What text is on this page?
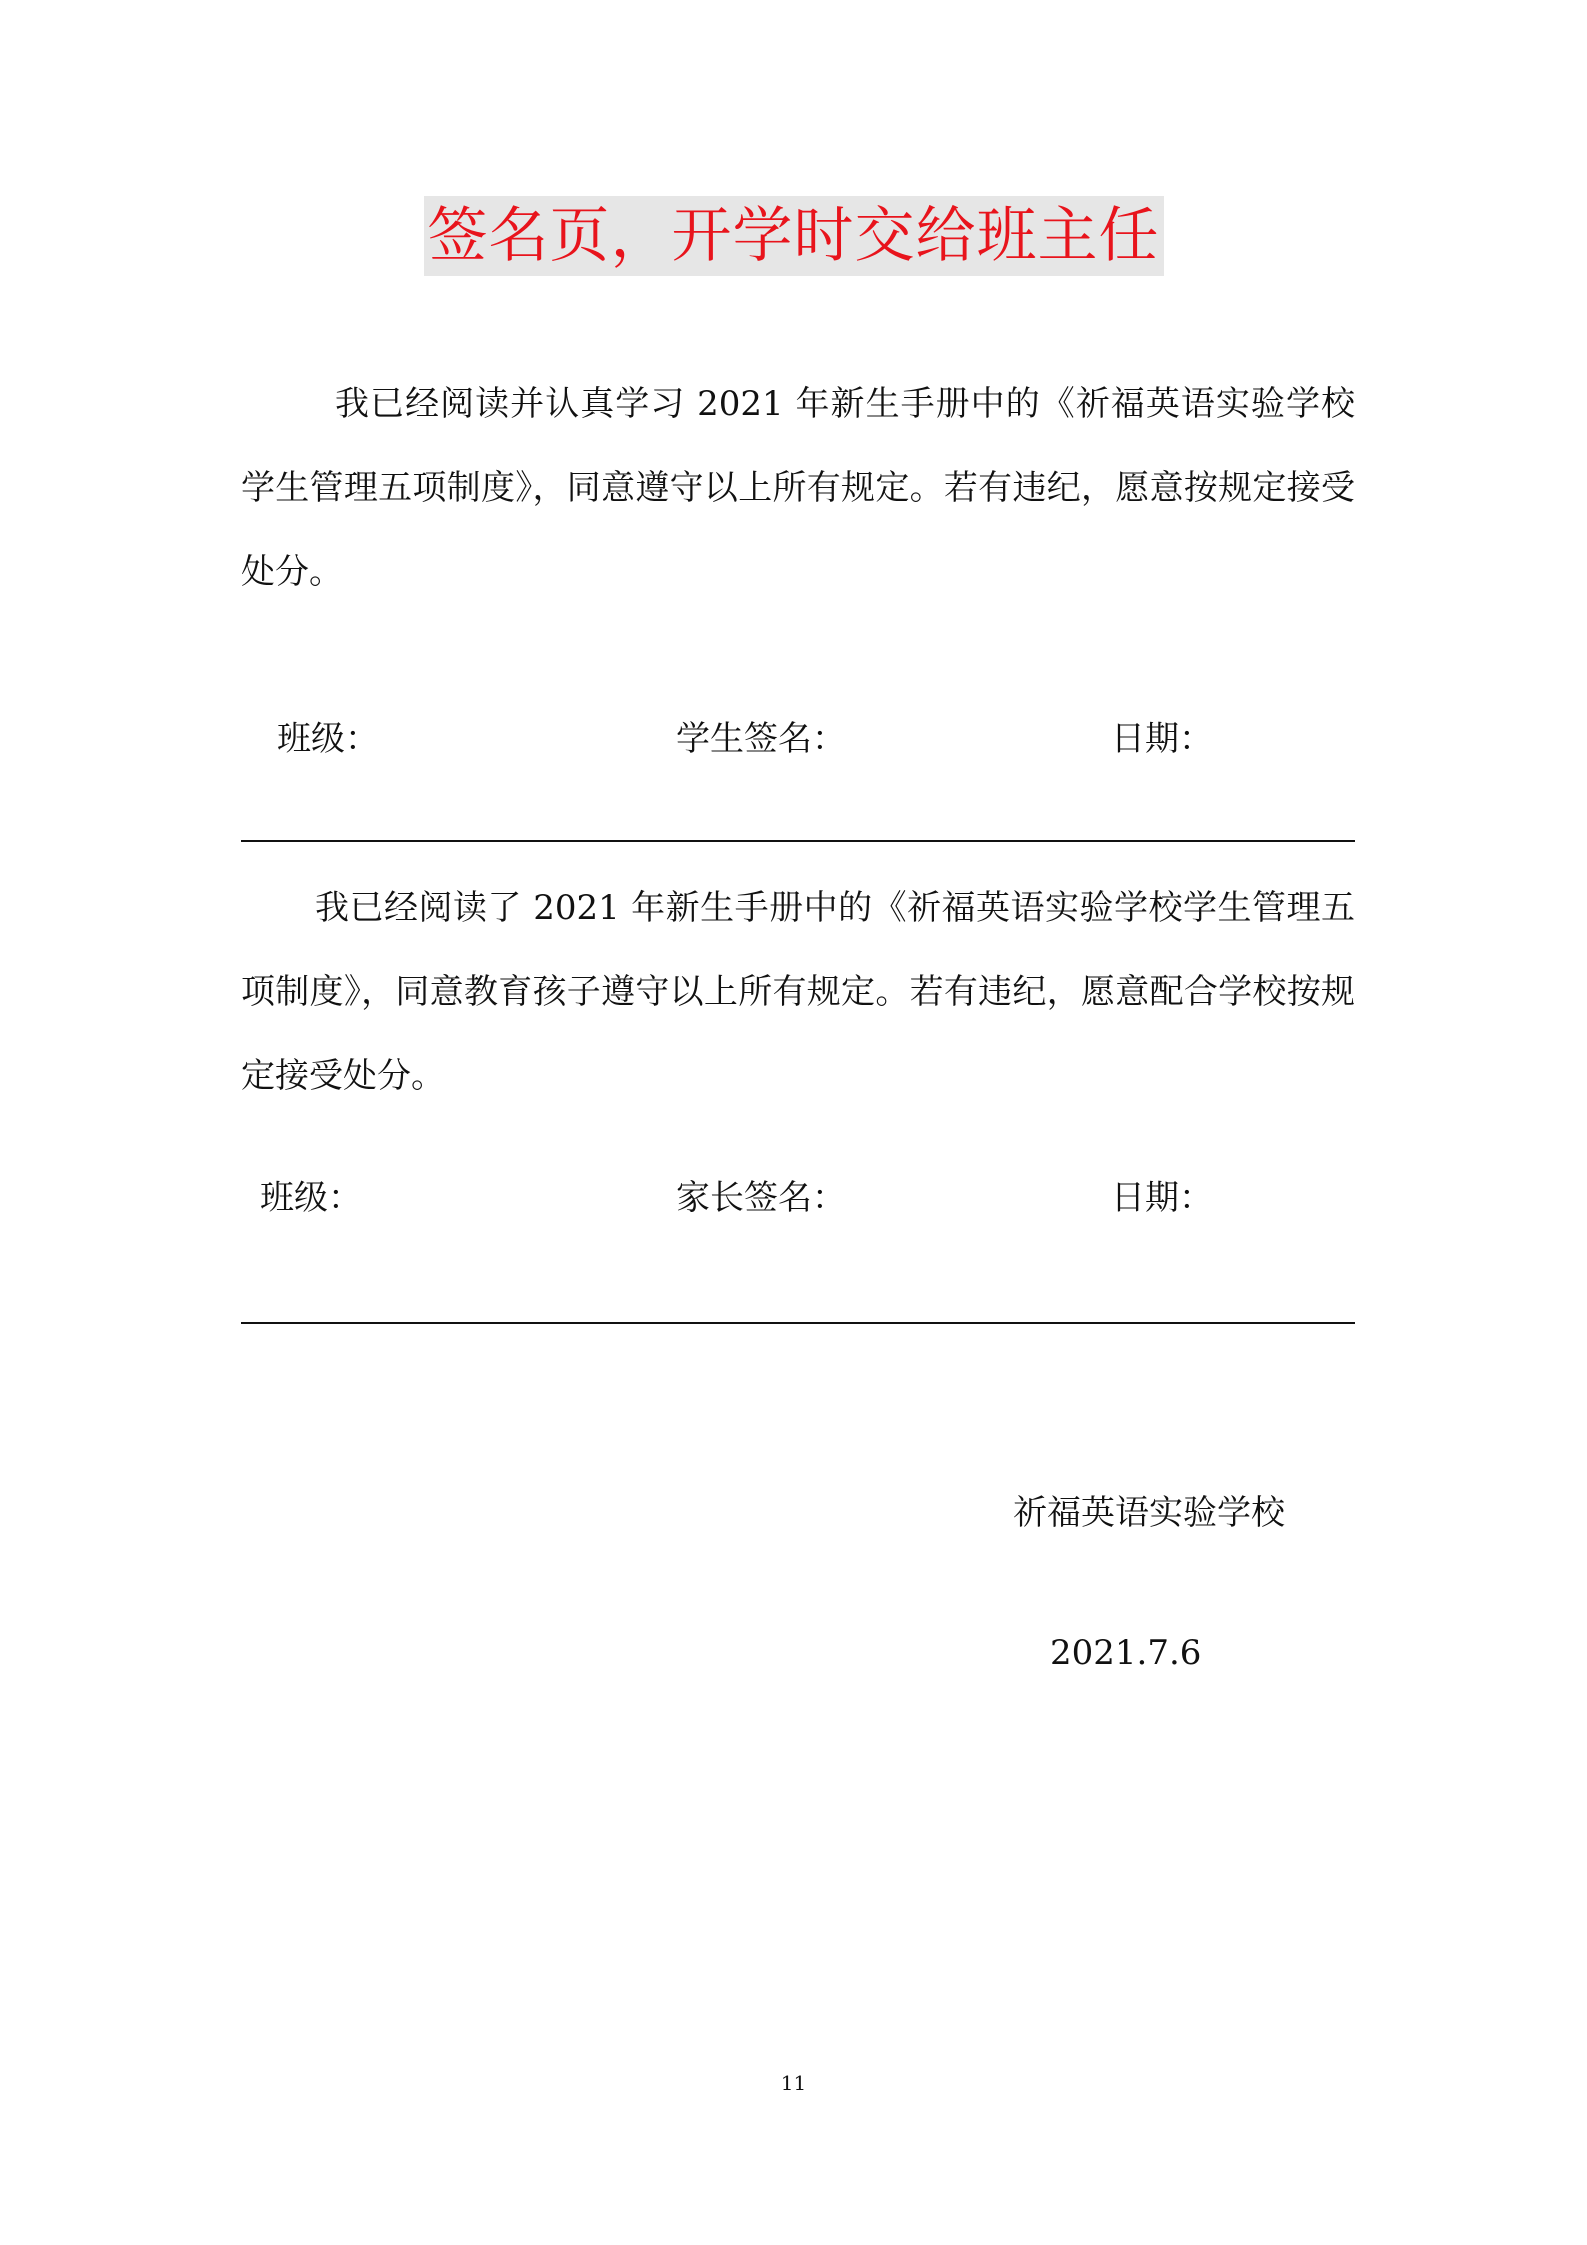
签名页，开学时交给班主任

我已经阅读并认真学习 2021 年新生手册中的《祈福英语实验学校学生管理五项制度》，同意遵守以上所有规定。若有违纪，愿意按规定接受处分。

班级：	学生签名：	日期：

我已经阅读了 2021 年新生手册中的《祈福英语实验学校学生管理五项制度》，同意教育孩子遵守以上所有规定。若有违纪，愿意配合学校按规定接受处分。

班级：	家长签名：	日期：
祈福英语实验学校
2021.7.6
11
